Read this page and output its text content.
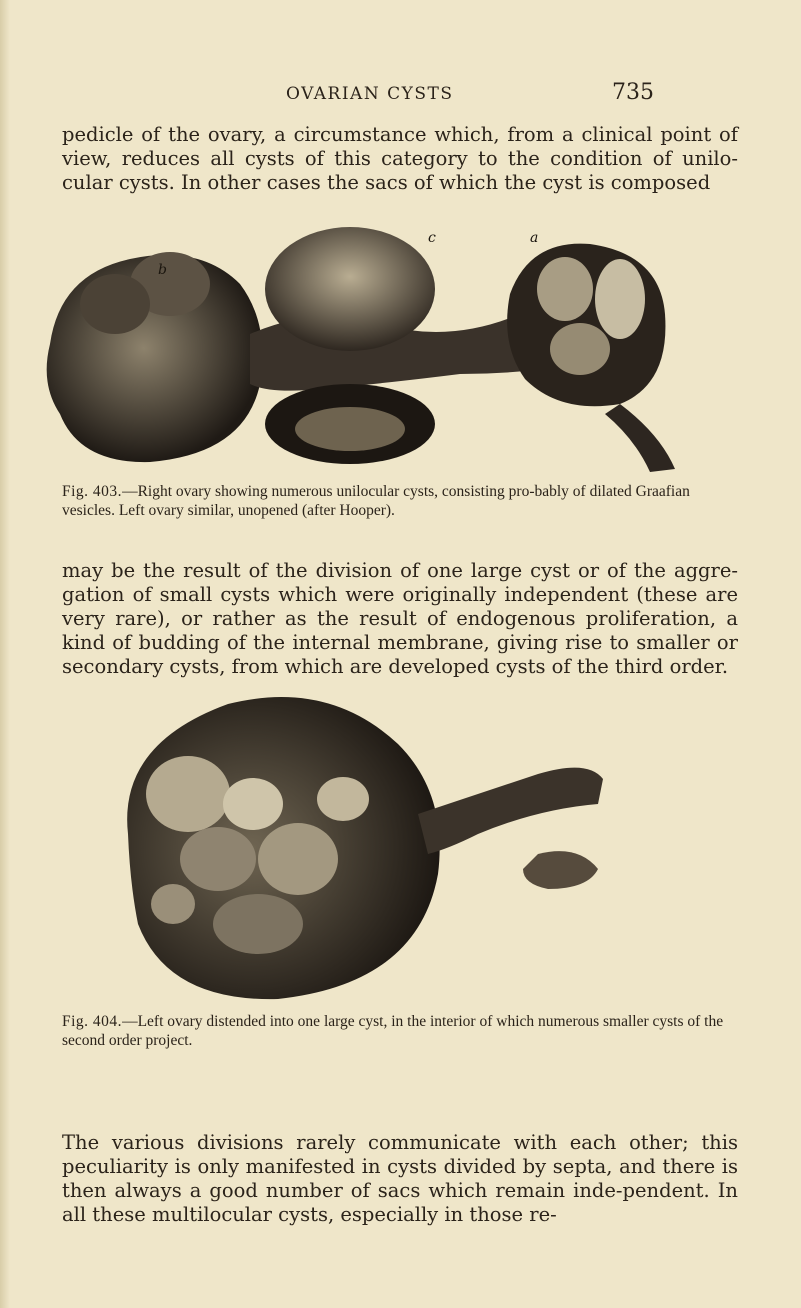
OVARIAN CYSTS	735

pedicle of the ovary, a circumstance which, from a clinical point of view, reduces all cysts of this category to the condition of unilo-cular cysts. In other cases the sacs of which the cyst is composed

b
c	a

Fig. 403.—Right ovary showing numerous unilocular cysts, consisting pro-bably of dilated Graafian vesicles. Left ovary similar, unopened (after Hooper).

may be the result of the division of one large cyst or of the aggre-gation of small cysts which were originally independent (these are very rare), or rather as the result of endogenous proliferation, a kind of budding of the internal membrane, giving rise to smaller or secondary cysts, from which are developed cysts of the third order.

Fig. 404.—Left ovary distended into one large cyst, in the interior of which numerous smaller cysts of the second order project.

The various divisions rarely communicate with each other; this peculiarity is only manifested in cysts divided by septa, and there is then always a good number of sacs which remain inde-pendent. In all these multilocular cysts, especially in those re-
